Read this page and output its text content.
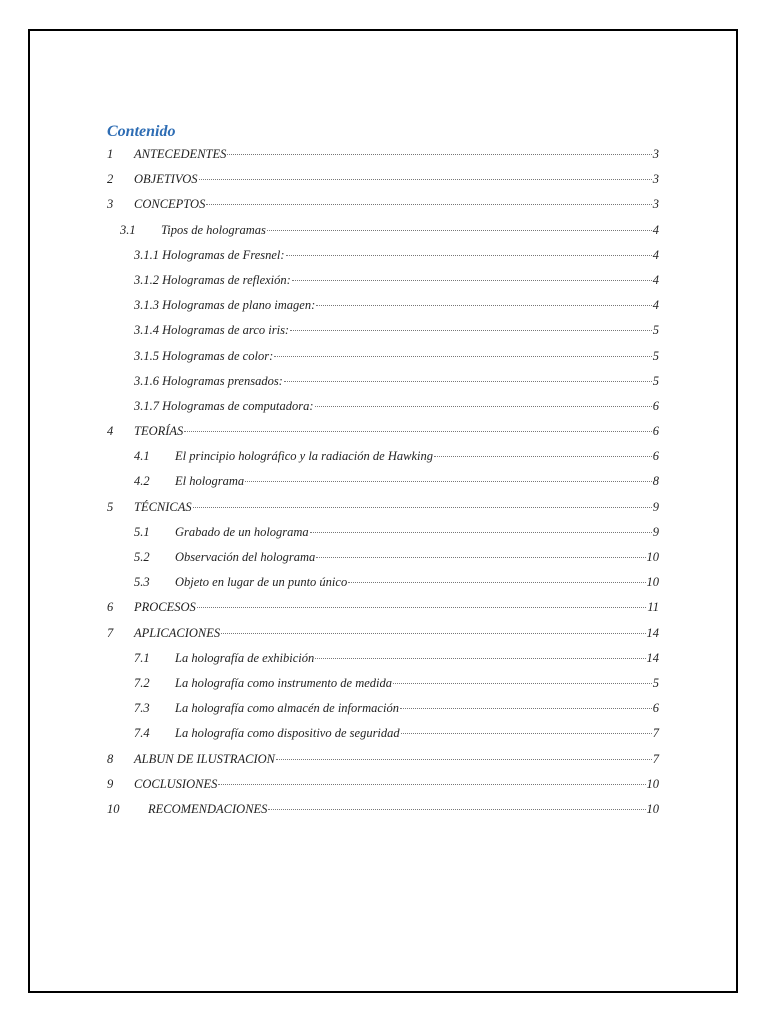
Contenido
1	ANTECEDENTES	3
2	OBJETIVOS	3
3	CONCEPTOS	3
3.1	Tipos de hologramas	4
3.1.1 Hologramas de Fresnel:	4
3.1.2 Hologramas de reflexión:	4
3.1.3 Hologramas de plano imagen:	4
3.1.4 Hologramas de arco iris:	5
3.1.5 Hologramas de color:	5
3.1.6 Hologramas prensados:	5
3.1.7 Hologramas de computadora:	6
4	TEORÍAS	6
4.1	El principio holográfico y la radiación de Hawking	6
4.2	El holograma	8
5	TÉCNICAS	9
5.1	Grabado de un holograma	9
5.2	Observación del holograma	10
5.3	Objeto en lugar de un punto único	10
6	PROCESOS	11
7	APLICACIONES	14
7.1	La holografía de exhibición	14
7.2	La holografía como instrumento de medida	5
7.3	La holografía como almacén de información	6
7.4	La holografía como dispositivo de seguridad	7
8	ALBUN DE ILUSTRACION	7
9	COCLUSIONES	10
10	RECOMENDACIONES	10
